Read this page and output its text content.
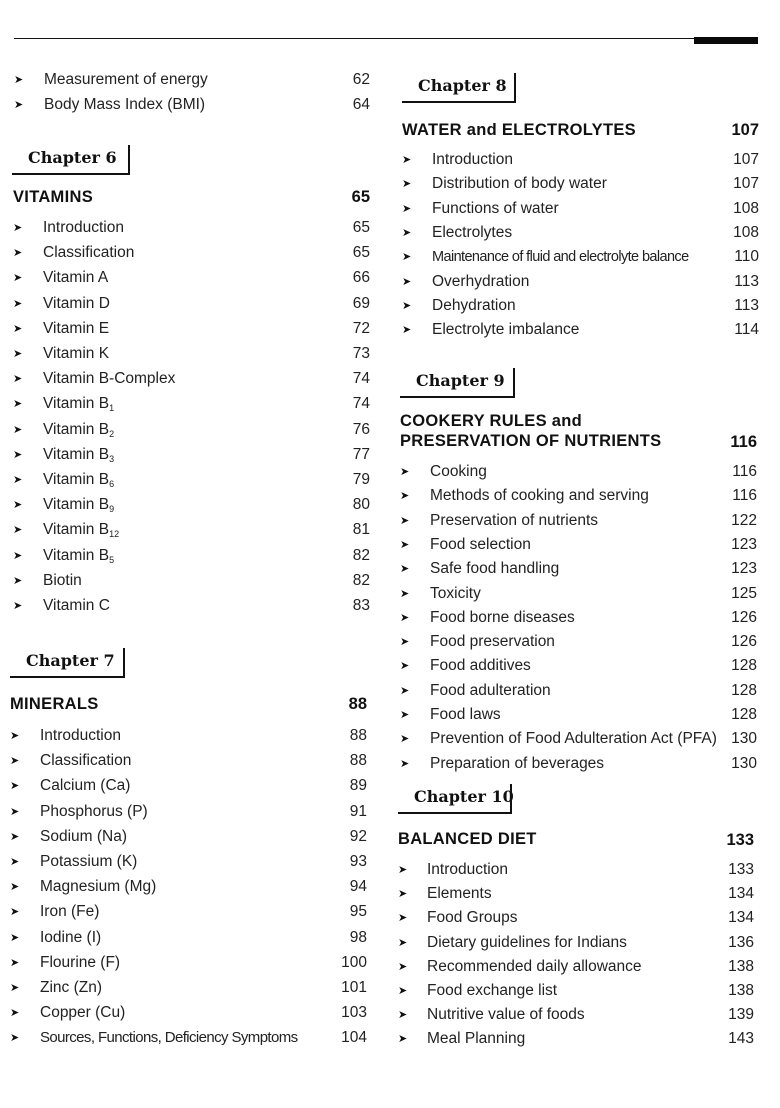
➤	Measurement of energy	62
➤	Body Mass Index (BMI)	64
Chapter 6
VITAMINS	65
➤	Introduction	65
➤	Classification	65
➤	Vitamin A	66
➤	Vitamin D	69
➤	Vitamin E	72
➤	Vitamin K	73
➤	Vitamin B-Complex	74
➤	Vitamin $B_1$	74
➤	Vitamin $B_2$	76
➤	Vitamin $B_3$	77
➤	Vitamin $B_6$	79
➤	Vitamin $B_9$	80
➤	Vitamin $B_{12}$	81
➤	Vitamin $B_5$	82
➤	Biotin	82
➤	Vitamin C	83
Chapter 7
MINERALS	88
➤	Introduction	88
➤	Classification	88
➤	Calcium (Ca)	89
➤	Phosphorus (P)	91
➤	Sodium (Na)	92
➤	Potassium (K)	93
➤	Magnesium (Mg)	94
➤	Iron (Fe)	95
➤	Iodine (I)	98
➤	Flourine (F)	100
➤	Zinc (Zn)	101
➤	Copper (Cu)	103
➤	Sources, Functions, Deficiency Symptoms	104
Chapter 8
WATER and ELECTROLYTES	107
➤	Introduction	107
➤	Distribution of body water	107
➤	Functions of water	108
➤	Electrolytes	108
➤	Maintenance of fluid and electrolyte balance	110
➤	Overhydration	113
➤	Dehydration	113
➤	Electrolyte imbalance	114
Chapter 9
COOKERY RULES and
PRESERVATION OF NUTRIENTS	116
➤	Cooking	116
➤	Methods of cooking and serving	116
➤	Preservation of nutrients	122
➤	Food selection	123
➤	Safe food handling	123
➤	Toxicity	125
➤	Food borne diseases	126
➤	Food preservation	126
➤	Food additives	128
➤	Food adulteration	128
➤	Food laws	128
➤	Prevention of Food Adulteration Act (PFA) 130
➤	Preparation of beverages	130
Chapter 10
BALANCED DIET	133
➤	Introduction	133
➤	Elements	134
➤	Food Groups	134
➤	Dietary guidelines for Indians	136
➤	Recommended daily allowance	138
➤	Food exchange list	138
➤	Nutritive value of foods	139
➤	Meal Planning	143
